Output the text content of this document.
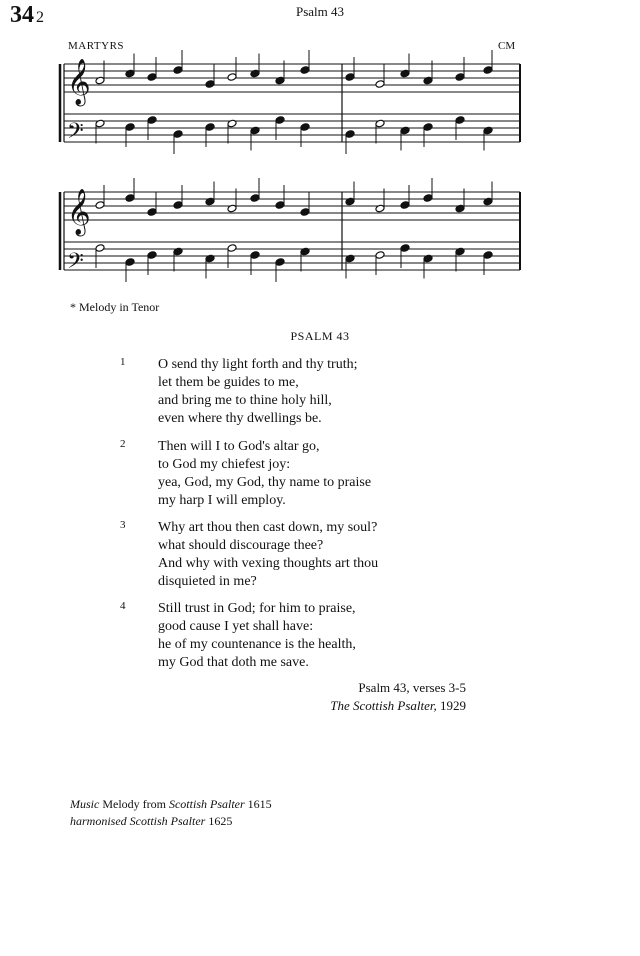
34 2	Psalm 43
MARTYRS	CM
𝄞
𝄢
𝄞
𝄢
* Melody in Tenor
PSALM 43
1 O send thy light forth and thy truth;
let them be guides to me,
and bring me to thine holy hill,
even where thy dwellings be.
2 Then will I to God's altar go,
to God my chiefest joy:
yea, God, my God, thy name to praise
my harp I will employ.
3 Why art thou then cast down, my soul?
what should discourage thee?
And why with vexing thoughts art thou
disquieted in me?
4 Still trust in God; for him to praise,
good cause I yet shall have:
he of my countenance is the health,
my God that doth me save.
Psalm 43, verses 3-5
The Scottish Psalter, 1929
Music Melody from Scottish Psalter 1615
harmonised Scottish Psalter 1625
